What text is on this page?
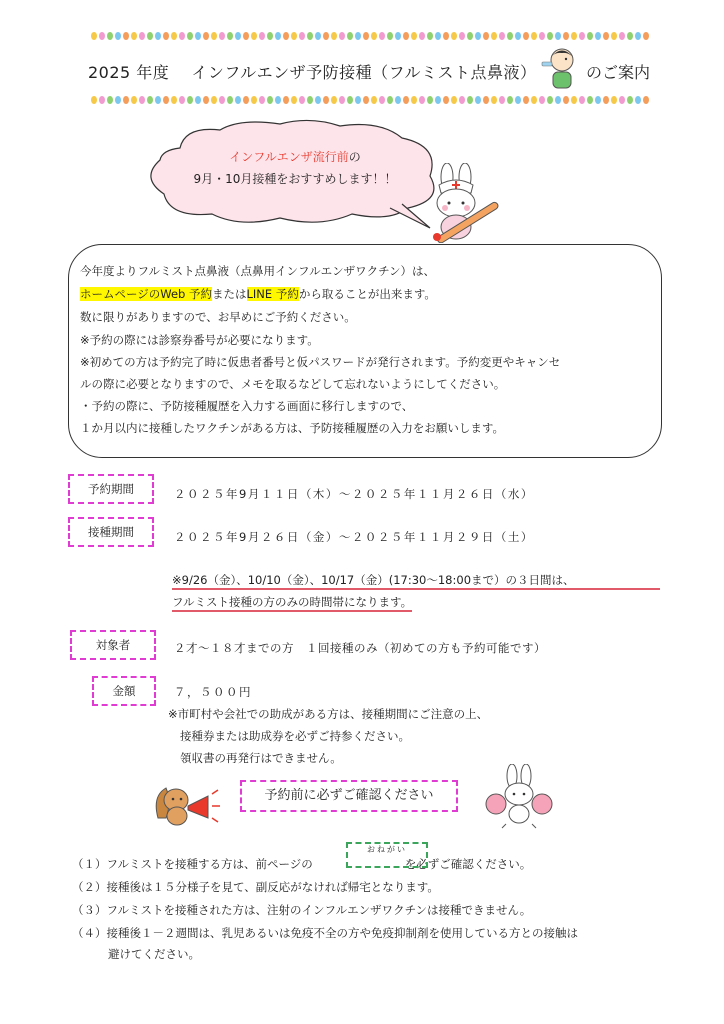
2025 年度 インフルエンザ予防接種（フルミスト点鼻液）	のご案内
インフルエンザ流行前の
9月・10月接種をおすすめします！！
今年度よりフルミスト点鼻液（点鼻用インフルエンザワクチン）は、
ホームページのWeb 予約またはLINE 予約から取ることが出来ます。
数に限りがありますので、お早めにご予約ください。
※予約の際には診察券番号が必要になります。
※初めての方は予約完了時に仮患者番号と仮パスワードが発行されます。予約変更やキャンセ
ルの際に必要となりますので、メモを取るなどして忘れないようにしてください。
・予約の際に、予防接種履歴を入力する画面に移行しますので、
１か月以内に接種したワクチンがある方は、予防接種履歴の入力をお願いします。
予約期間	２０２５年9月１１日（木）～２０２５年１１月２６日（水）
接種期間	２０２５年9月２６日（金）～２０２５年１１月２９日（土）
※9/26（金）、10/10（金）、10/17（金）(17:30～18:00まで）の３日間は、
フルミスト接種の方のみの時間帯になります。
対象者	２才～１８才までの方　１回接種のみ（初めての方も予約可能です）
金額	７，５００円
※市町村や会社での助成がある方は、接種期間にご注意の上、
接種券または助成券を必ずご持参ください。
領収書の再発行はできません。
予約前に必ずご確認ください
（１）フルミストを接種する方は、前ページの	を必ずご確認ください。
おねがい
（２）接種後は１５分様子を見て、副反応がなければ帰宅となります。
（３）フルミストを接種された方は、注射のインフルエンザワクチンは接種できません。
（４）接種後１－２週間は、乳児あるいは免疫不全の方や免疫抑制剤を使用している方との接触は
避けてください。
